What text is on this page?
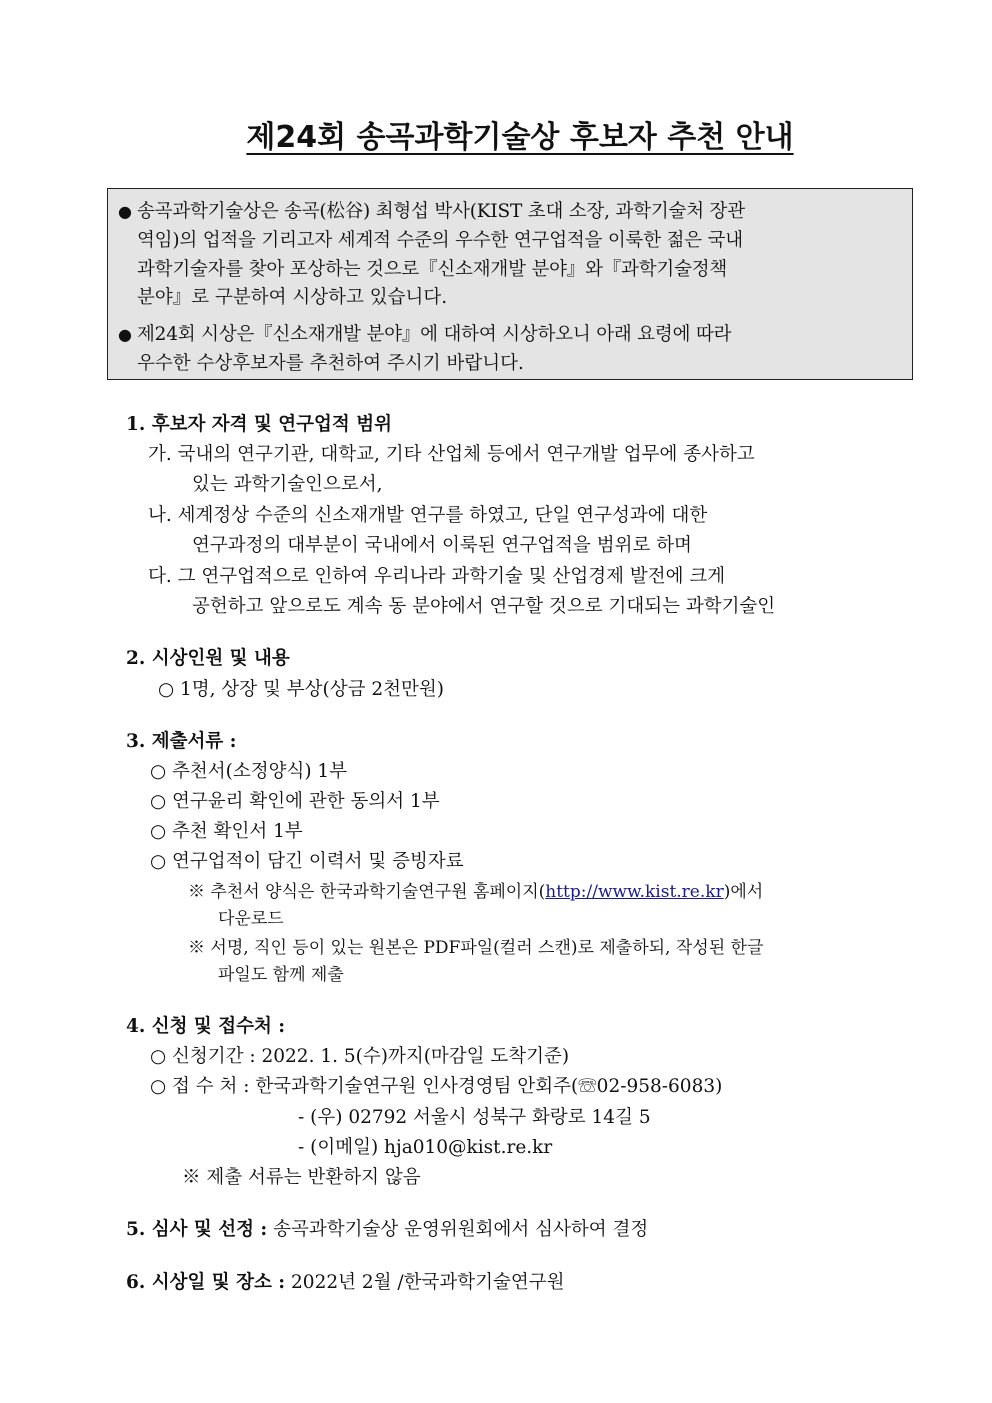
제24회 송곡과학기술상 후보자 추천 안내
● 송곡과학기술상은 송곡(松谷) 최형섭 박사(KIST 초대 소장, 과학기술처 장관
역임)의 업적을 기리고자 세계적 수준의 우수한 연구업적을 이룩한 젊은 국내
과학기술자를 찾아 포상하는 것으로『신소재개발 분야』와『과학기술정책
분야』로 구분하여 시상하고 있습니다.
● 제24회 시상은『신소재개발 분야』에 대하여 시상하오니 아래 요령에 따라
우수한 수상후보자를 추천하여 주시기 바랍니다.
1. 후보자 자격 및 연구업적 범위
가. 국내의 연구기관, 대학교, 기타 산업체 등에서 연구개발 업무에 종사하고
있는 과학기술인으로서,
나. 세계정상 수준의 신소재개발 연구를 하였고, 단일 연구성과에 대한
연구과정의 대부분이 국내에서 이룩된 연구업적을 범위로 하며
다. 그 연구업적으로 인하여 우리나라 과학기술 및 산업경제 발전에 크게
공헌하고 앞으로도 계속 동 분야에서 연구할 것으로 기대되는 과학기술인
2. 시상인원 및 내용
○ 1명, 상장 및 부상(상금 2천만원)
3. 제출서류 :
○ 추천서(소정양식) 1부
○ 연구윤리 확인에 관한 동의서 1부
○ 추천 확인서 1부
○ 연구업적이 담긴 이력서 및 증빙자료
※ 추천서 양식은 한국과학기술연구원 홈페이지(http://www.kist.re.kr)에서
다운로드
※ 서명, 직인 등이 있는 원본은 PDF파일(컬러 스캔)로 제출하되, 작성된 한글
파일도 함께 제출
4. 신청 및 접수처 :
○ 신청기간 : 2022. 1. 5(수)까지(마감일 도착기준)
○ 접 수 처 : 한국과학기술연구원 인사경영팀 안회주(☏02-958-6083)
- (우) 02792 서울시 성북구 화랑로 14길 5
- (이메일) hja010@kist.re.kr
※ 제출 서류는 반환하지 않음
5. 심사 및 선정 : 송곡과학기술상 운영위원회에서 심사하여 결정
6. 시상일 및 장소 : 2022년 2월 /한국과학기술연구원
